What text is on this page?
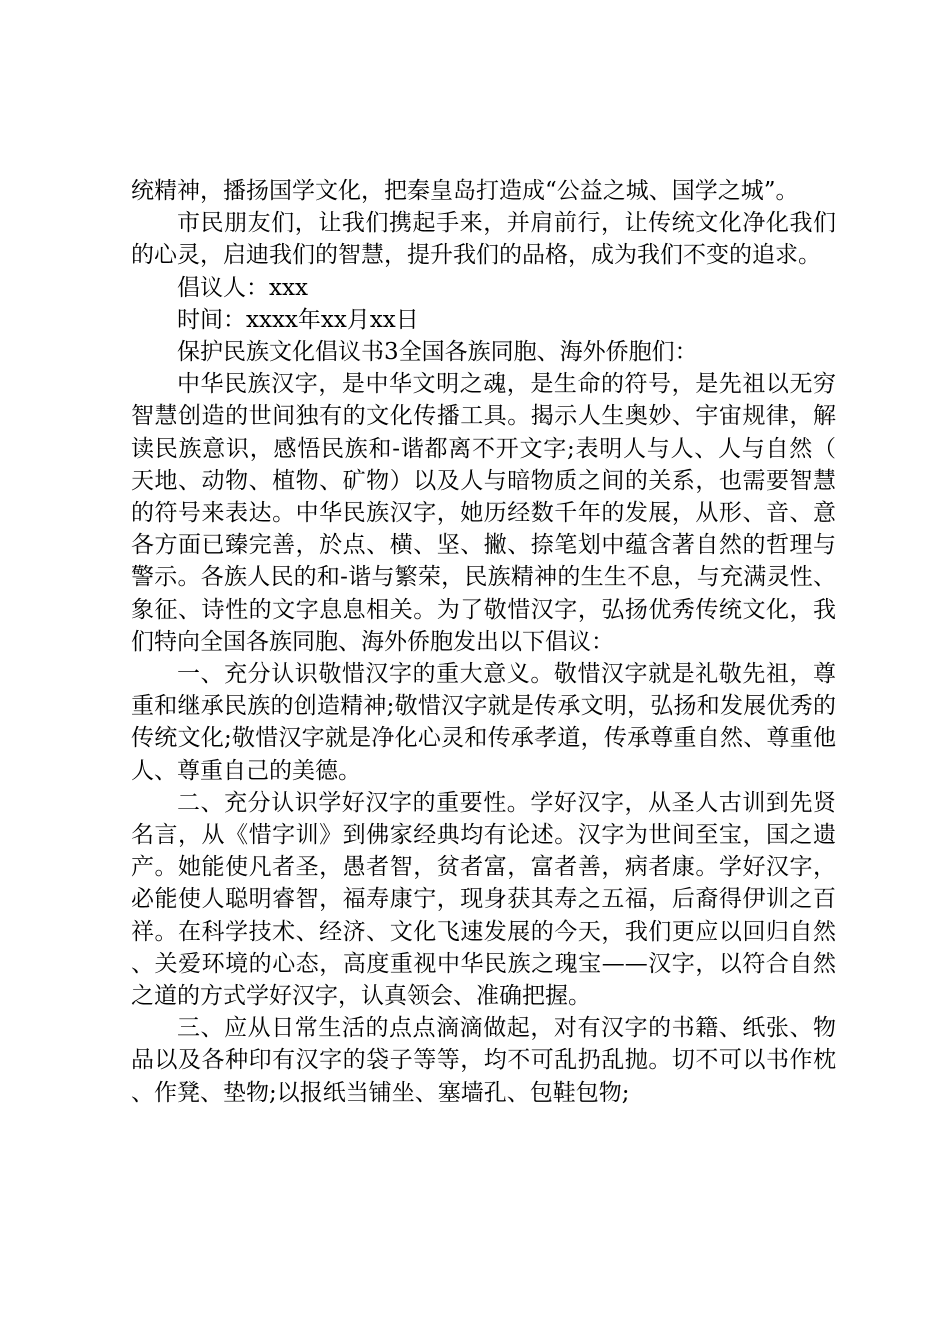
统精神，播扬国学文化，把秦皇岛打造成“公益之城、国学之城”。

市民朋友们，让我们携起手来，并肩前行，让传统文化净化我们的心灵，启迪我们的智慧，提升我们的品格，成为我们不变的追求。

倡议人：xxx

时间：xxxx年xx月xx日

保护民族文化倡议书3全国各族同胞、海外侨胞们：

中华民族汉字，是中华文明之魂，是生命的符号，是先祖以无穷智慧创造的世间独有的文化传播工具。揭示人生奥妙、宇宙规律，解读民族意识，感悟民族和-谐都离不开文字;表明人与人、人与自然（天地、动物、植物、矿物）以及人与暗物质之间的关系，也需要智慧的符号来表达。中华民族汉字，她历经数千年的发展，从形、音、意各方面已臻完善，於点、横、坚、撇、捺笔划中蕴含著自然的哲理与警示。各族人民的和-谐与繁荣，民族精神的生生不息，与充满灵性、象征、诗性的文字息息相关。为了敬惜汉字，弘扬优秀传统文化，我们特向全国各族同胞、海外侨胞发出以下倡议：

一、充分认识敬惜汉字的重大意义。敬惜汉字就是礼敬先祖，尊重和继承民族的创造精神;敬惜汉字就是传承文明，弘扬和发展优秀的传统文化;敬惜汉字就是净化心灵和传承孝道，传承尊重自然、尊重他人、尊重自己的美德。

二、充分认识学好汉字的重要性。学好汉字，从圣人古训到先贤名言，从《惜字训》到佛家经典均有论述。汉字为世间至宝，国之遗产。她能使凡者圣，愚者智，贫者富，富者善，病者康。学好汉字，必能使人聪明睿智，福寿康宁，现身获其寿之五福，后裔得伊训之百祥。在科学技术、经济、文化飞速发展的今天，我们更应以回归自然、关爱环境的心态，高度重视中华民族之瑰宝——汉字，以符合自然之道的方式学好汉字，认真领会、准确把握。

三、应从日常生活的点点滴滴做起，对有汉字的书籍、纸张、物品以及各种印有汉字的袋子等等，均不可乱扔乱抛。切不可以书作枕、作凳、垫物;以报纸当铺坐、塞墙孔、包鞋包物;
